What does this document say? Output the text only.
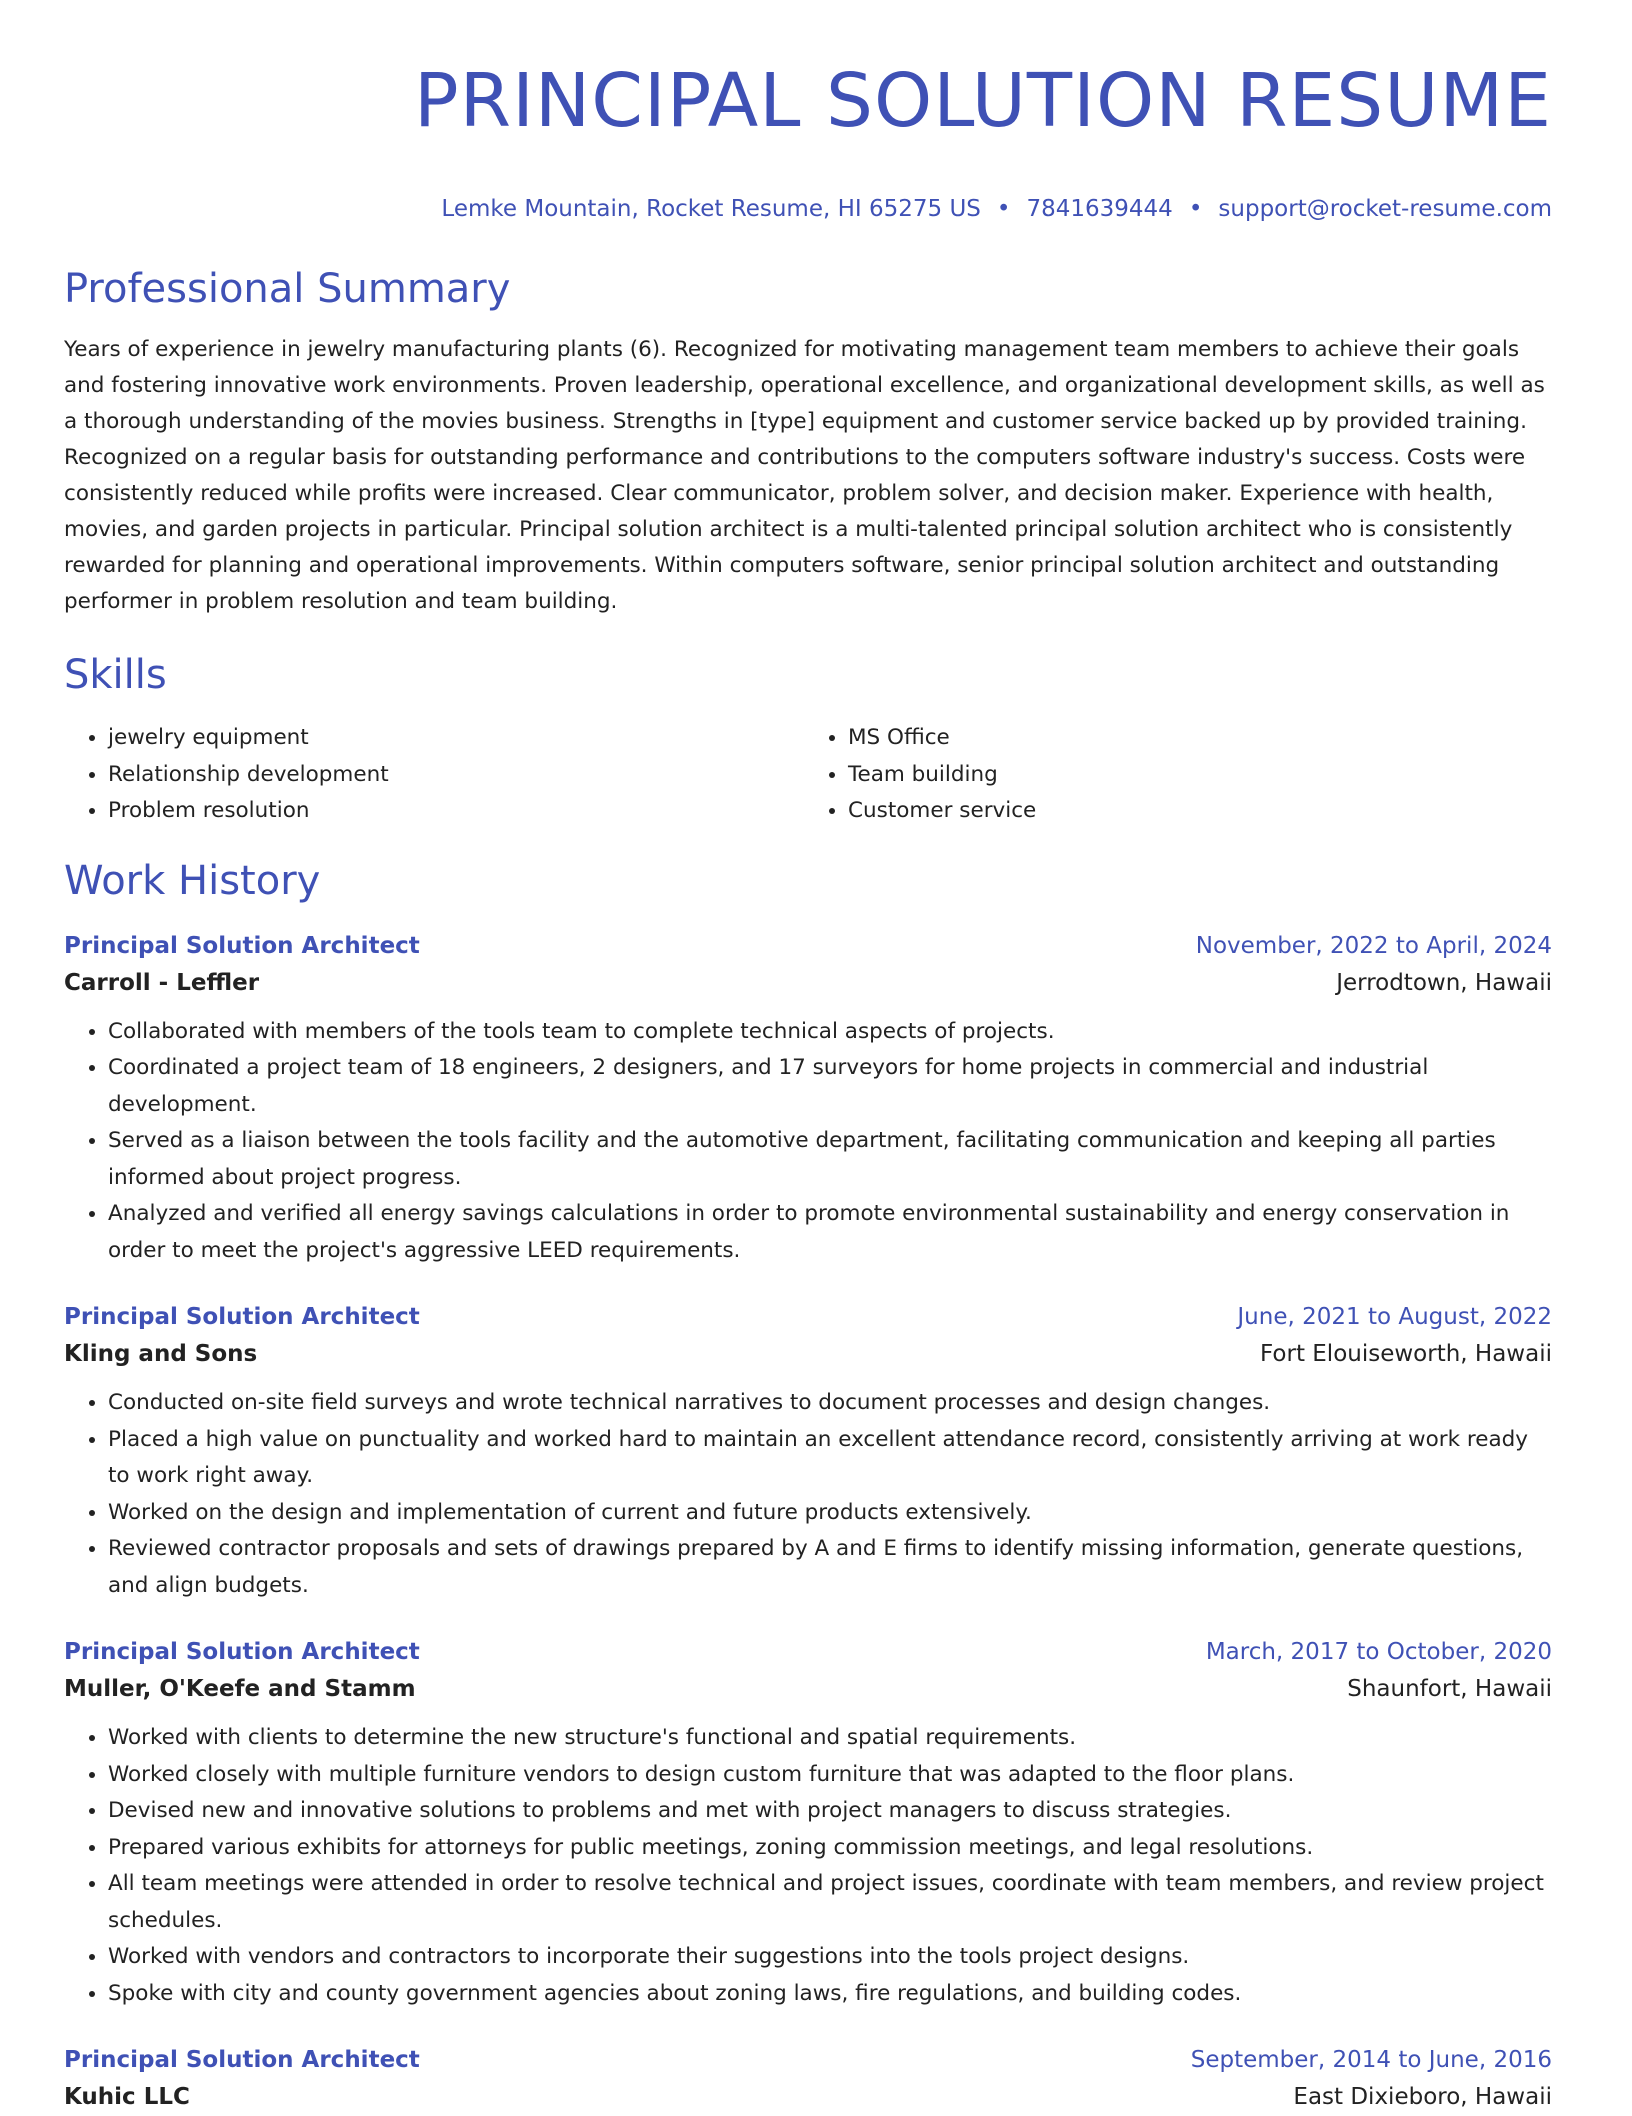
PRINCIPAL SOLUTION RESUME
Lemke Mountain, Rocket Resume, HI 65275 US • 7841639444 • support@rocket-resume.com
Professional Summary
Years of experience in jewelry manufacturing plants (6). Recognized for motivating management team members to achieve their goals and fostering innovative work environments. Proven leadership, operational excellence, and organizational development skills, as well as a thorough understanding of the movies business. Strengths in [type] equipment and customer service backed up by provided training. Recognized on a regular basis for outstanding performance and contributions to the computers software industry's success. Costs were consistently reduced while profits were increased. Clear communicator, problem solver, and decision maker. Experience with health, movies, and garden projects in particular. Principal solution architect is a multi-talented principal solution architect who is consistently rewarded for planning and operational improvements. Within computers software, senior principal solution architect and outstanding performer in problem resolution and team building.
Skills
• jewelry equipment
• Relationship development
• Problem resolution
• MS Office
• Team building
• Customer service
Work History
Principal Solution Architect	November, 2022 to April, 2024
Carroll - Leffler	Jerrodtown, Hawaii
• Collaborated with members of the tools team to complete technical aspects of projects.
• Coordinated a project team of 18 engineers, 2 designers, and 17 surveyors for home projects in commercial and industrial development.
• Served as a liaison between the tools facility and the automotive department, facilitating communication and keeping all parties informed about project progress.
• Analyzed and verified all energy savings calculations in order to promote environmental sustainability and energy conservation in order to meet the project's aggressive LEED requirements.
Principal Solution Architect	June, 2021 to August, 2022
Kling and Sons	Fort Elouiseworth, Hawaii
• Conducted on-site field surveys and wrote technical narratives to document processes and design changes.
• Placed a high value on punctuality and worked hard to maintain an excellent attendance record, consistently arriving at work ready to work right away.
• Worked on the design and implementation of current and future products extensively.
• Reviewed contractor proposals and sets of drawings prepared by A and E firms to identify missing information, generate questions, and align budgets.
Principal Solution Architect	March, 2017 to October, 2020
Muller, O'Keefe and Stamm	Shaunfort, Hawaii
• Worked with clients to determine the new structure's functional and spatial requirements.
• Worked closely with multiple furniture vendors to design custom furniture that was adapted to the floor plans.
• Devised new and innovative solutions to problems and met with project managers to discuss strategies.
• Prepared various exhibits for attorneys for public meetings, zoning commission meetings, and legal resolutions.
• All team meetings were attended in order to resolve technical and project issues, coordinate with team members, and review project schedules.
• Worked with vendors and contractors to incorporate their suggestions into the tools project designs.
• Spoke with city and county government agencies about zoning laws, fire regulations, and building codes.
Principal Solution Architect	September, 2014 to June, 2016
Kuhic LLC	East Dixieboro, Hawaii
